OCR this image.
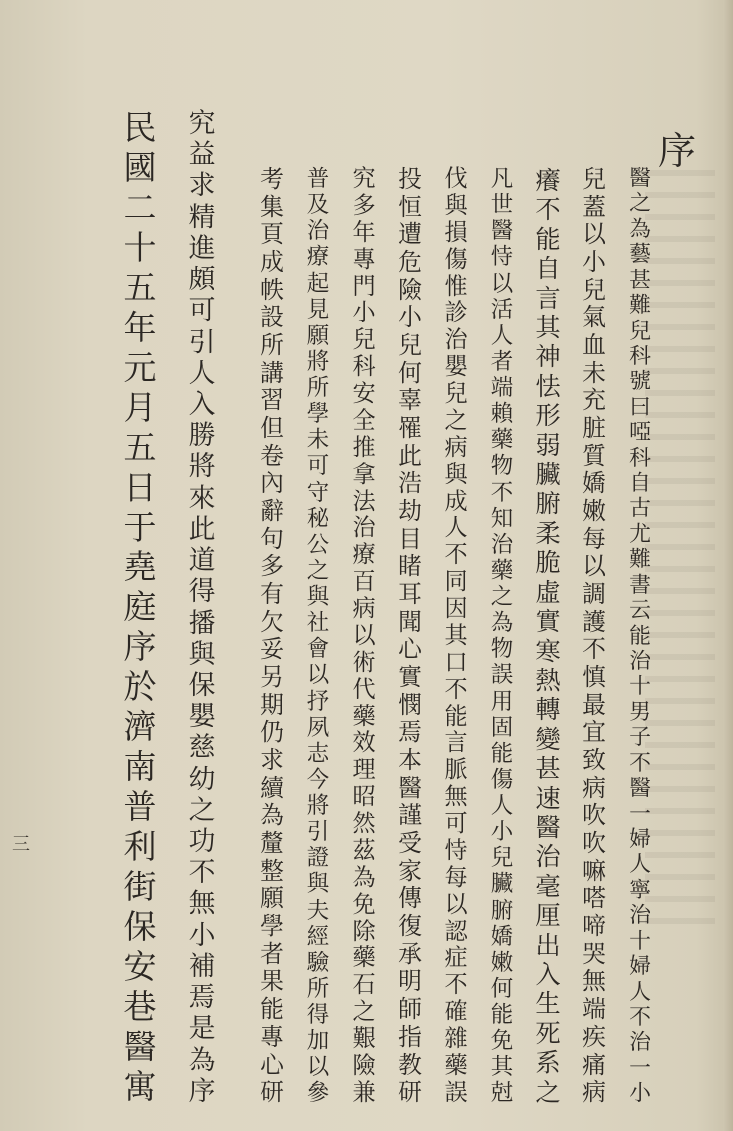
序
醫
之
為
藝
甚
難
兒
科
號
曰
啞
科
自
古
尤
難
書
云
能
治
十
男
子
不
醫
一
婦
人
寧
治
十
婦
人
不
治
一
小
兒
蓋
以
小
兒
氣
血
未
充
脏
質
嬌
嫩
每
以
調
護
不
慎
最
宜
致
病
吹
吹
嘛
嗒
啼
哭
無
端
疾
痛
病
癢
不
能
自
言
其
神
怯
形
弱
臟
腑
柔
脆
虛
實
寒
熱
轉
變
甚
速
醫
治
毫
厘
出
入
生
死
系
之
凡
世
醫
恃
以
活
人
者
端
賴
藥
物
不
知
治
藥
之
為
物
誤
用
固
能
傷
人
小
兒
臟
腑
嬌
嫩
何
能
免
其
尅
伐
與
損
傷
惟
診
治
嬰
兒
之
病
與
成
人
不
同
因
其
口
不
能
言
脈
無
可
恃
每
以
認
症
不
確
雜
藥
誤
投
恒
遭
危
險
小
兒
何
辜
罹
此
浩
劫
目
睹
耳
聞
心
實
憫
焉
本
醫
謹
受
家
傳
復
承
明
師
指
教
研
究
多
年
專
門
小
兒
科
安
全
推
拿
法
治
療
百
病
以
術
代
藥
效
理
昭
然
茲
為
免
除
藥
石
之
艱
險
兼
普
及
治
療
起
見
願
將
所
學
未
可
守
秘
公
之
與
社
會
以
抒
夙
志
今
將
引
證
與
夫
經
驗
所
得
加
以
參
考
集
頁
成
帙
設
所
講
習
但
卷
內
辭
句
多
有
欠
妥
另
期
仍
求
續
為
釐
整
願
學
者
果
能
專
心
研
究
益
求
精
進
頗
可
引
人
入
勝
將
來
此
道
得
播
與
保
嬰
慈
幼
之
功
不
無
小
補
焉
是
為
序
民
國
二
十
五
年
元
月
五
日
于
堯
庭
序
於
濟
南
普
利
街
保
安
巷
醫
寓
三
